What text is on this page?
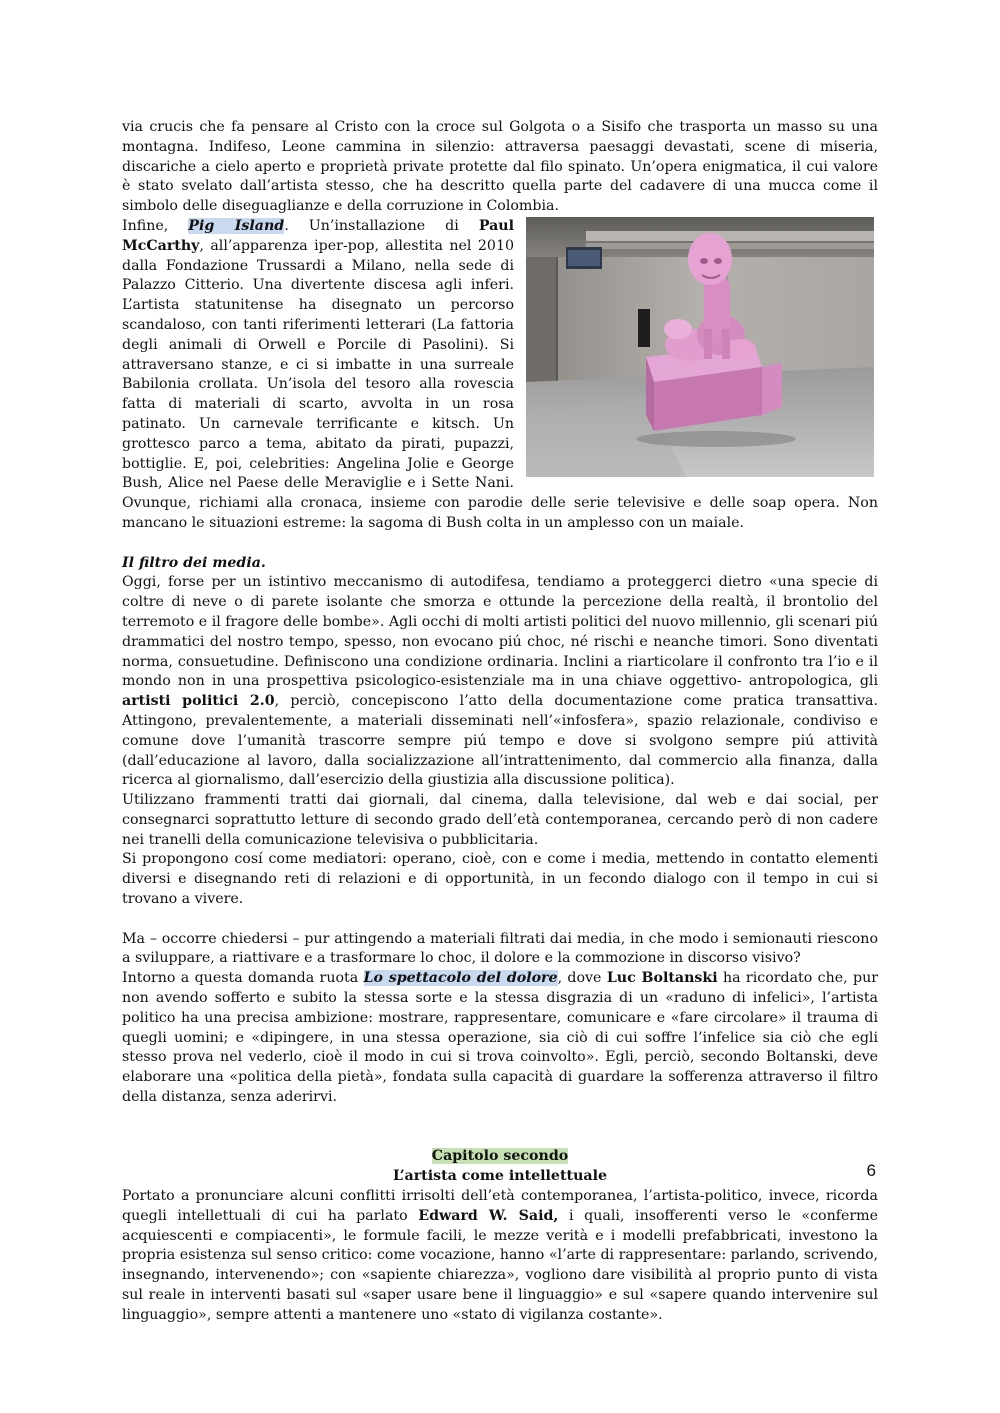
via crucis che fa pensare al Cristo con la croce sul Golgota o a Sisifo che trasporta un masso su una montagna. Indifeso, Leone cammina in silenzio: attraversa paesaggi devastati, scene di miseria, discariche a cielo aperto e proprietà private protette dal filo spinato. Un’opera enigmatica, il cui valore è stato svelato dall’artista stesso, che ha descritto quella parte del cadavere di una mucca come il simbolo delle diseguaglianze e della corruzione in Colombia.

Infine, Pig Island. Un’installazione di Paul McCarthy, all’apparenza iper-pop, allestita nel 2010 dalla Fondazione Trussardi a Milano, nella sede di Palazzo Citterio. Una divertente discesa agli inferi. L’artista statunitense ha disegnato un percorso scandaloso, con tanti riferimenti letterari (La fattoria degli animali di Orwell e Porcile di Pasolini). Si attraversano stanze, e ci si imbatte in una surreale Babilonia crollata. Un’isola del tesoro alla rovescia fatta di materiali di scarto, avvolta in un rosa patinato. Un carnevale terrificante e kitsch. Un grottesco parco a tema, abitato da pirati, pupazzi, bottiglie. E, poi, celebrities: Angelina Jolie e George Bush, Alice nel Paese delle Meraviglie e i Sette Nani. Ovunque, richiami alla cronaca, insieme con parodie delle serie televisive e delle soap opera. Non mancano le situazioni estreme: la sagoma di Bush colta in un amplesso con un maiale.

Il filtro dei media.

Oggi, forse per un istintivo meccanismo di autodifesa, tendiamo a proteggerci dietro «una specie di coltre di neve o di parete isolante che smorza e ottunde la percezione della realtà, il brontolio del terremoto e il fragore delle bombe». Agli occhi di molti artisti politici del nuovo millennio, gli scenari piú drammatici del nostro tempo, spesso, non evocano piú choc, né rischi e neanche timori. Sono diventati norma, consuetudine. Definiscono una condizione ordinaria. Inclini a riarticolare il confronto tra l’io e il mondo non in una prospettiva psicologico-esistenziale ma in una chiave oggettivo- antropologica, gli artisti politici 2.0, perciò, concepiscono l’atto della documentazione come pratica transattiva. Attingono, prevalentemente, a materiali disseminati nell’«infosfera», spazio relazionale, condiviso e comune dove l’umanità trascorre sempre piú tempo e dove si svolgono sempre piú attività (dall’educazione al lavoro, dalla socializzazione all’intrattenimento, dal commercio alla finanza, dalla ricerca al giornalismo, dall’esercizio della giustizia alla discussione politica).

Utilizzano frammenti tratti dai giornali, dal cinema, dalla televisione, dal web e dai social, per consegnarci soprattutto letture di secondo grado dell’età contemporanea, cercando però di non cadere nei tranelli della comunicazione televisiva o pubblicitaria.

Si propongono cosí come mediatori: operano, cioè, con e come i media, mettendo in contatto elementi diversi e disegnando reti di relazioni e di opportunità, in un fecondo dialogo con il tempo in cui si trovano a vivere.

Ma – occorre chiedersi – pur attingendo a materiali filtrati dai media, in che modo i semionauti riescono a sviluppare, a riattivare e a trasformare lo choc, il dolore e la commozione in discorso visivo?

Intorno a questa domanda ruota Lo spettacolo del dolore, dove Luc Boltanski ha ricordato che, pur non avendo sofferto e subito la stessa sorte e la stessa disgrazia di un «raduno di infelici», l’artista politico ha una precisa ambizione: mostrare, rappresentare, comunicare e «fare circolare» il trauma di quegli uomini; e «dipingere, in una stessa operazione, sia ciò di cui soffre l’infelice sia ciò che egli stesso prova nel vederlo, cioè il modo in cui si trova coinvolto». Egli, perciò, secondo Boltanski, deve elaborare una «politica della pietà», fondata sulla capacità di guardare la sofferenza attraverso il filtro della distanza, senza aderirvi.

Capitolo secondo

L’artista come intellettuale

Portato a pronunciare alcuni conflitti irrisolti dell’età contemporanea, l’artista-politico, invece, ricorda quegli intellettuali di cui ha parlato Edward W. Said, i quali, insofferenti verso le «conferme acquiescenti e compiacenti», le formule facili, le mezze verità e i modelli prefabbricati, investono la propria esistenza sul senso critico: come vocazione, hanno «l’arte di rappresentare: parlando, scrivendo, insegnando, intervenendo»; con «sapiente chiarezza», vogliono dare visibilità al proprio punto di vista sul reale in interventi basati sul «saper usare bene il linguaggio» e sul «sapere quando intervenire sul linguaggio», sempre attenti a mantenere uno «stato di vigilanza costante».

6
